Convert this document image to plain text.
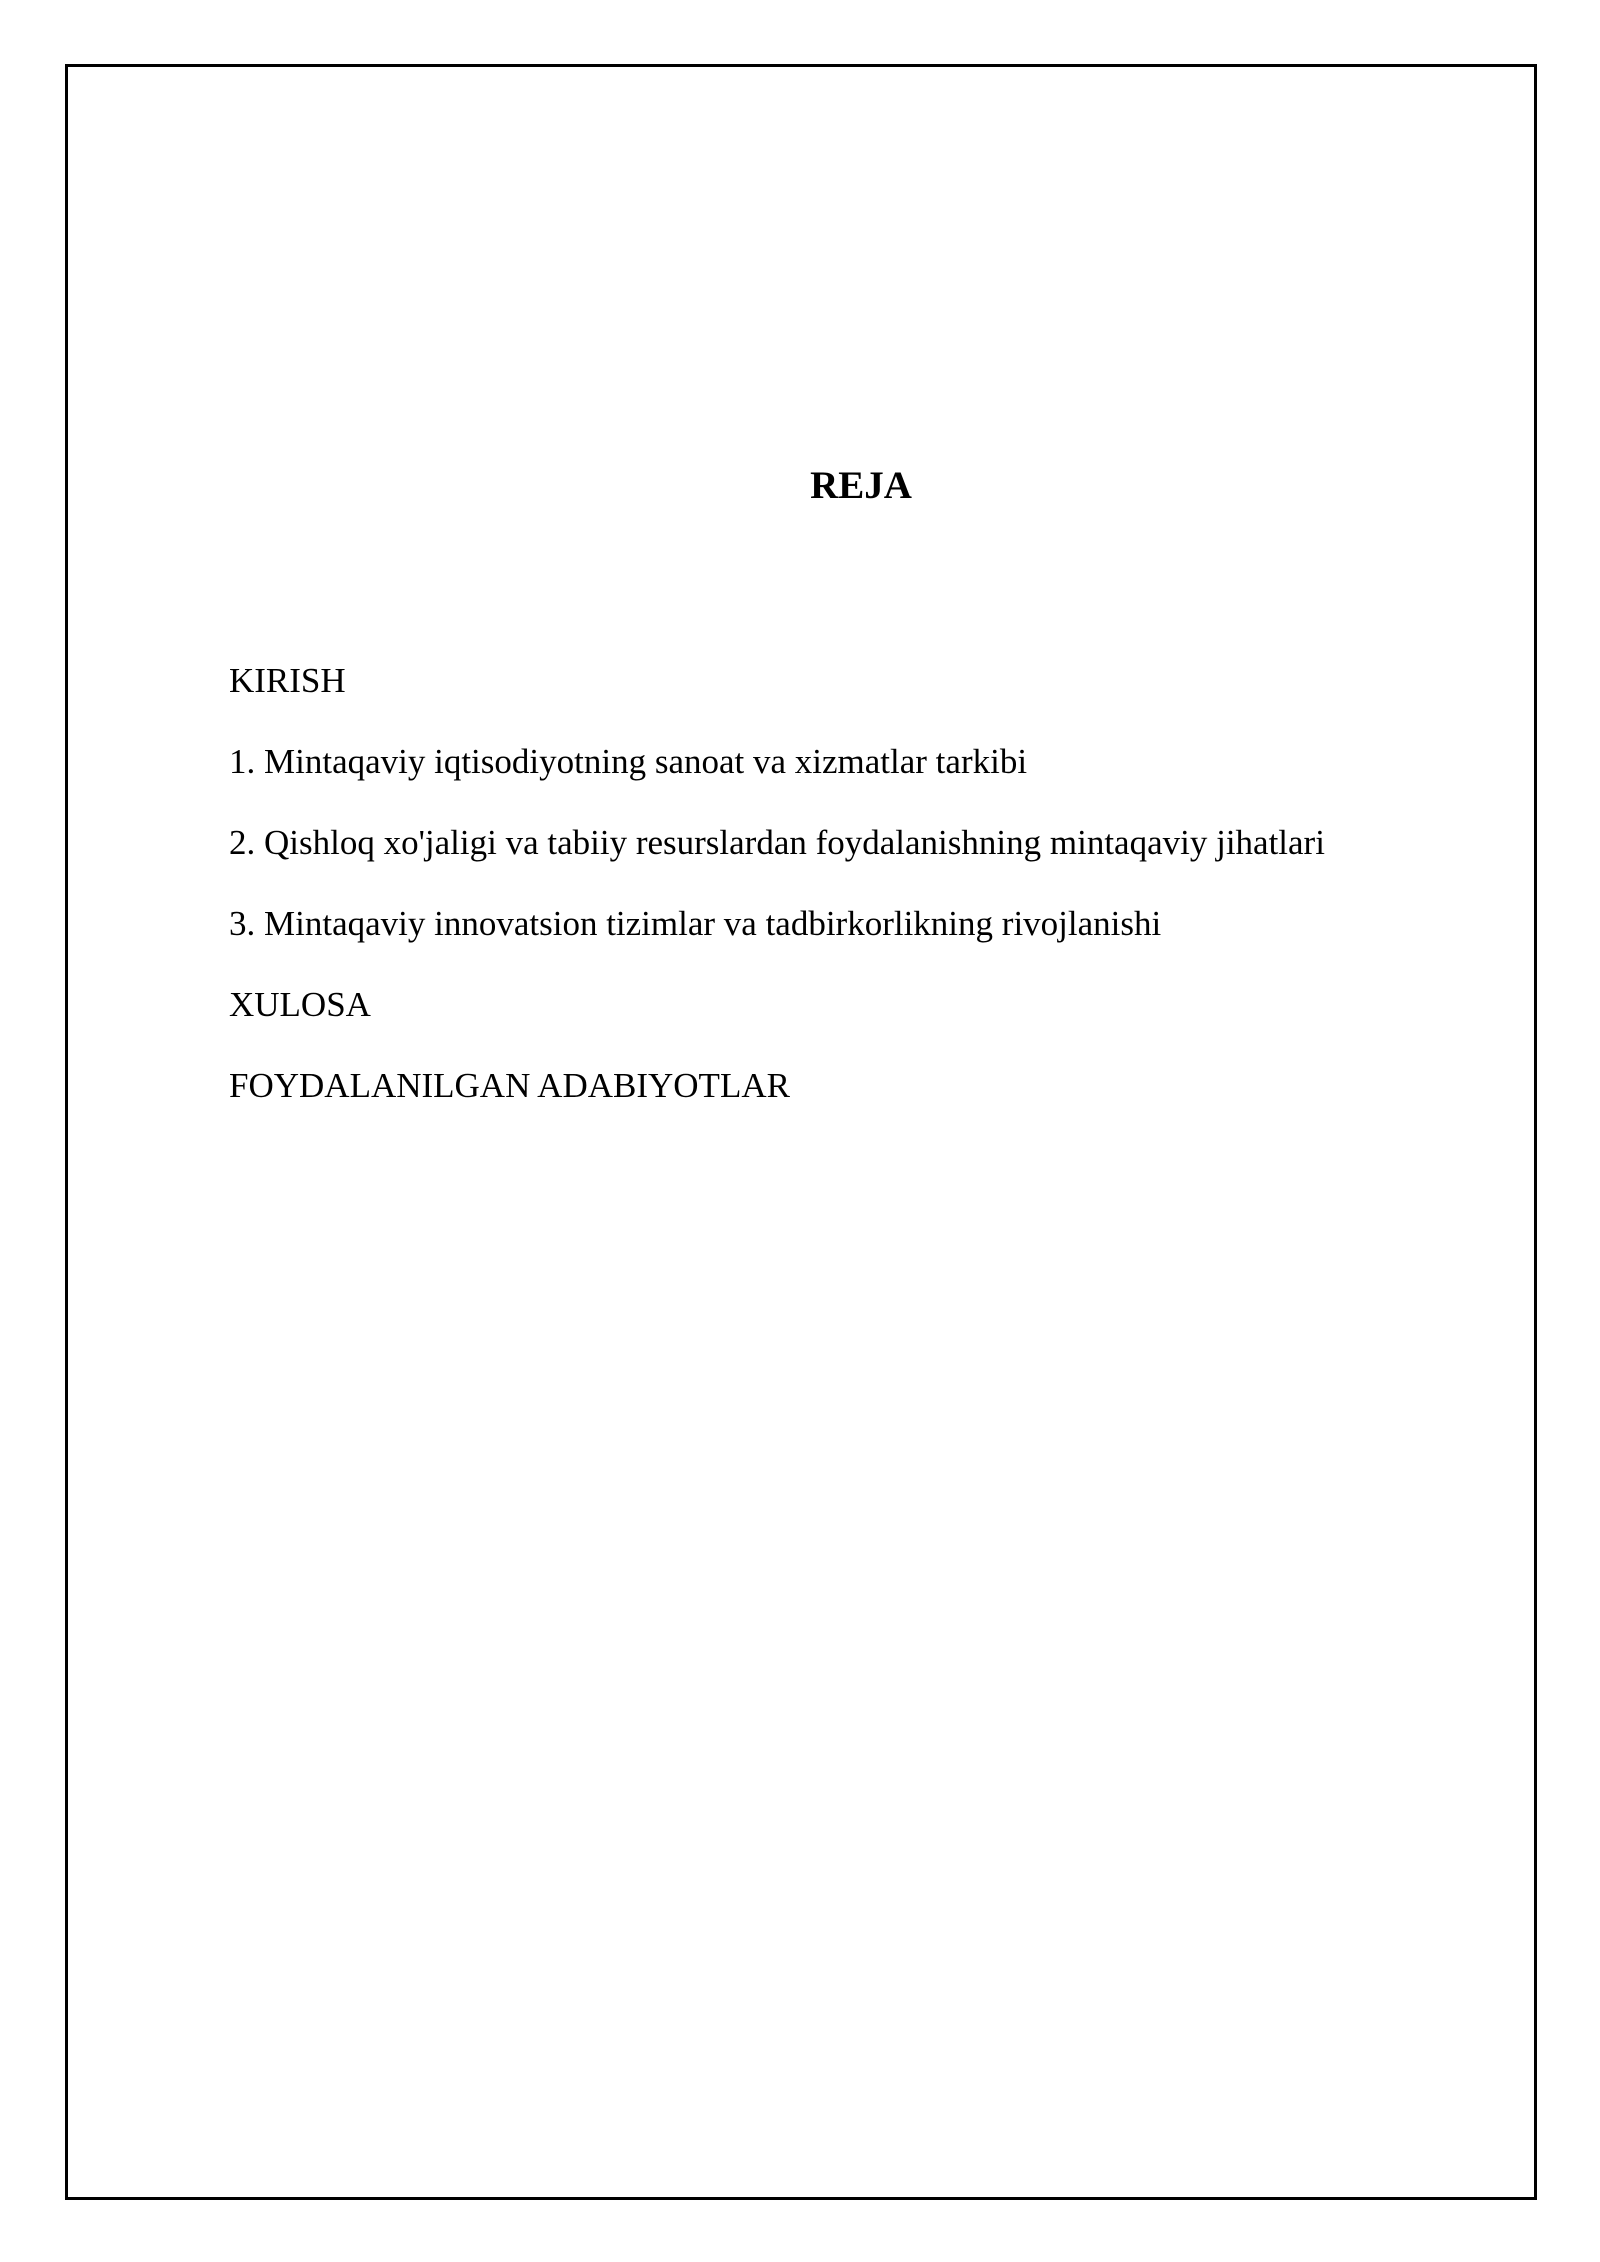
REJA
KIRISH
1. Mintaqaviy iqtisodiyotning sanoat va xizmatlar tarkibi
2. Qishloq xo'jaligi va tabiiy resurslardan foydalanishning mintaqaviy jihatlari
3. Mintaqaviy innovatsion tizimlar va tadbirkorlikning rivojlanishi
XULOSA
FOYDALANILGAN ADABIYOTLAR
